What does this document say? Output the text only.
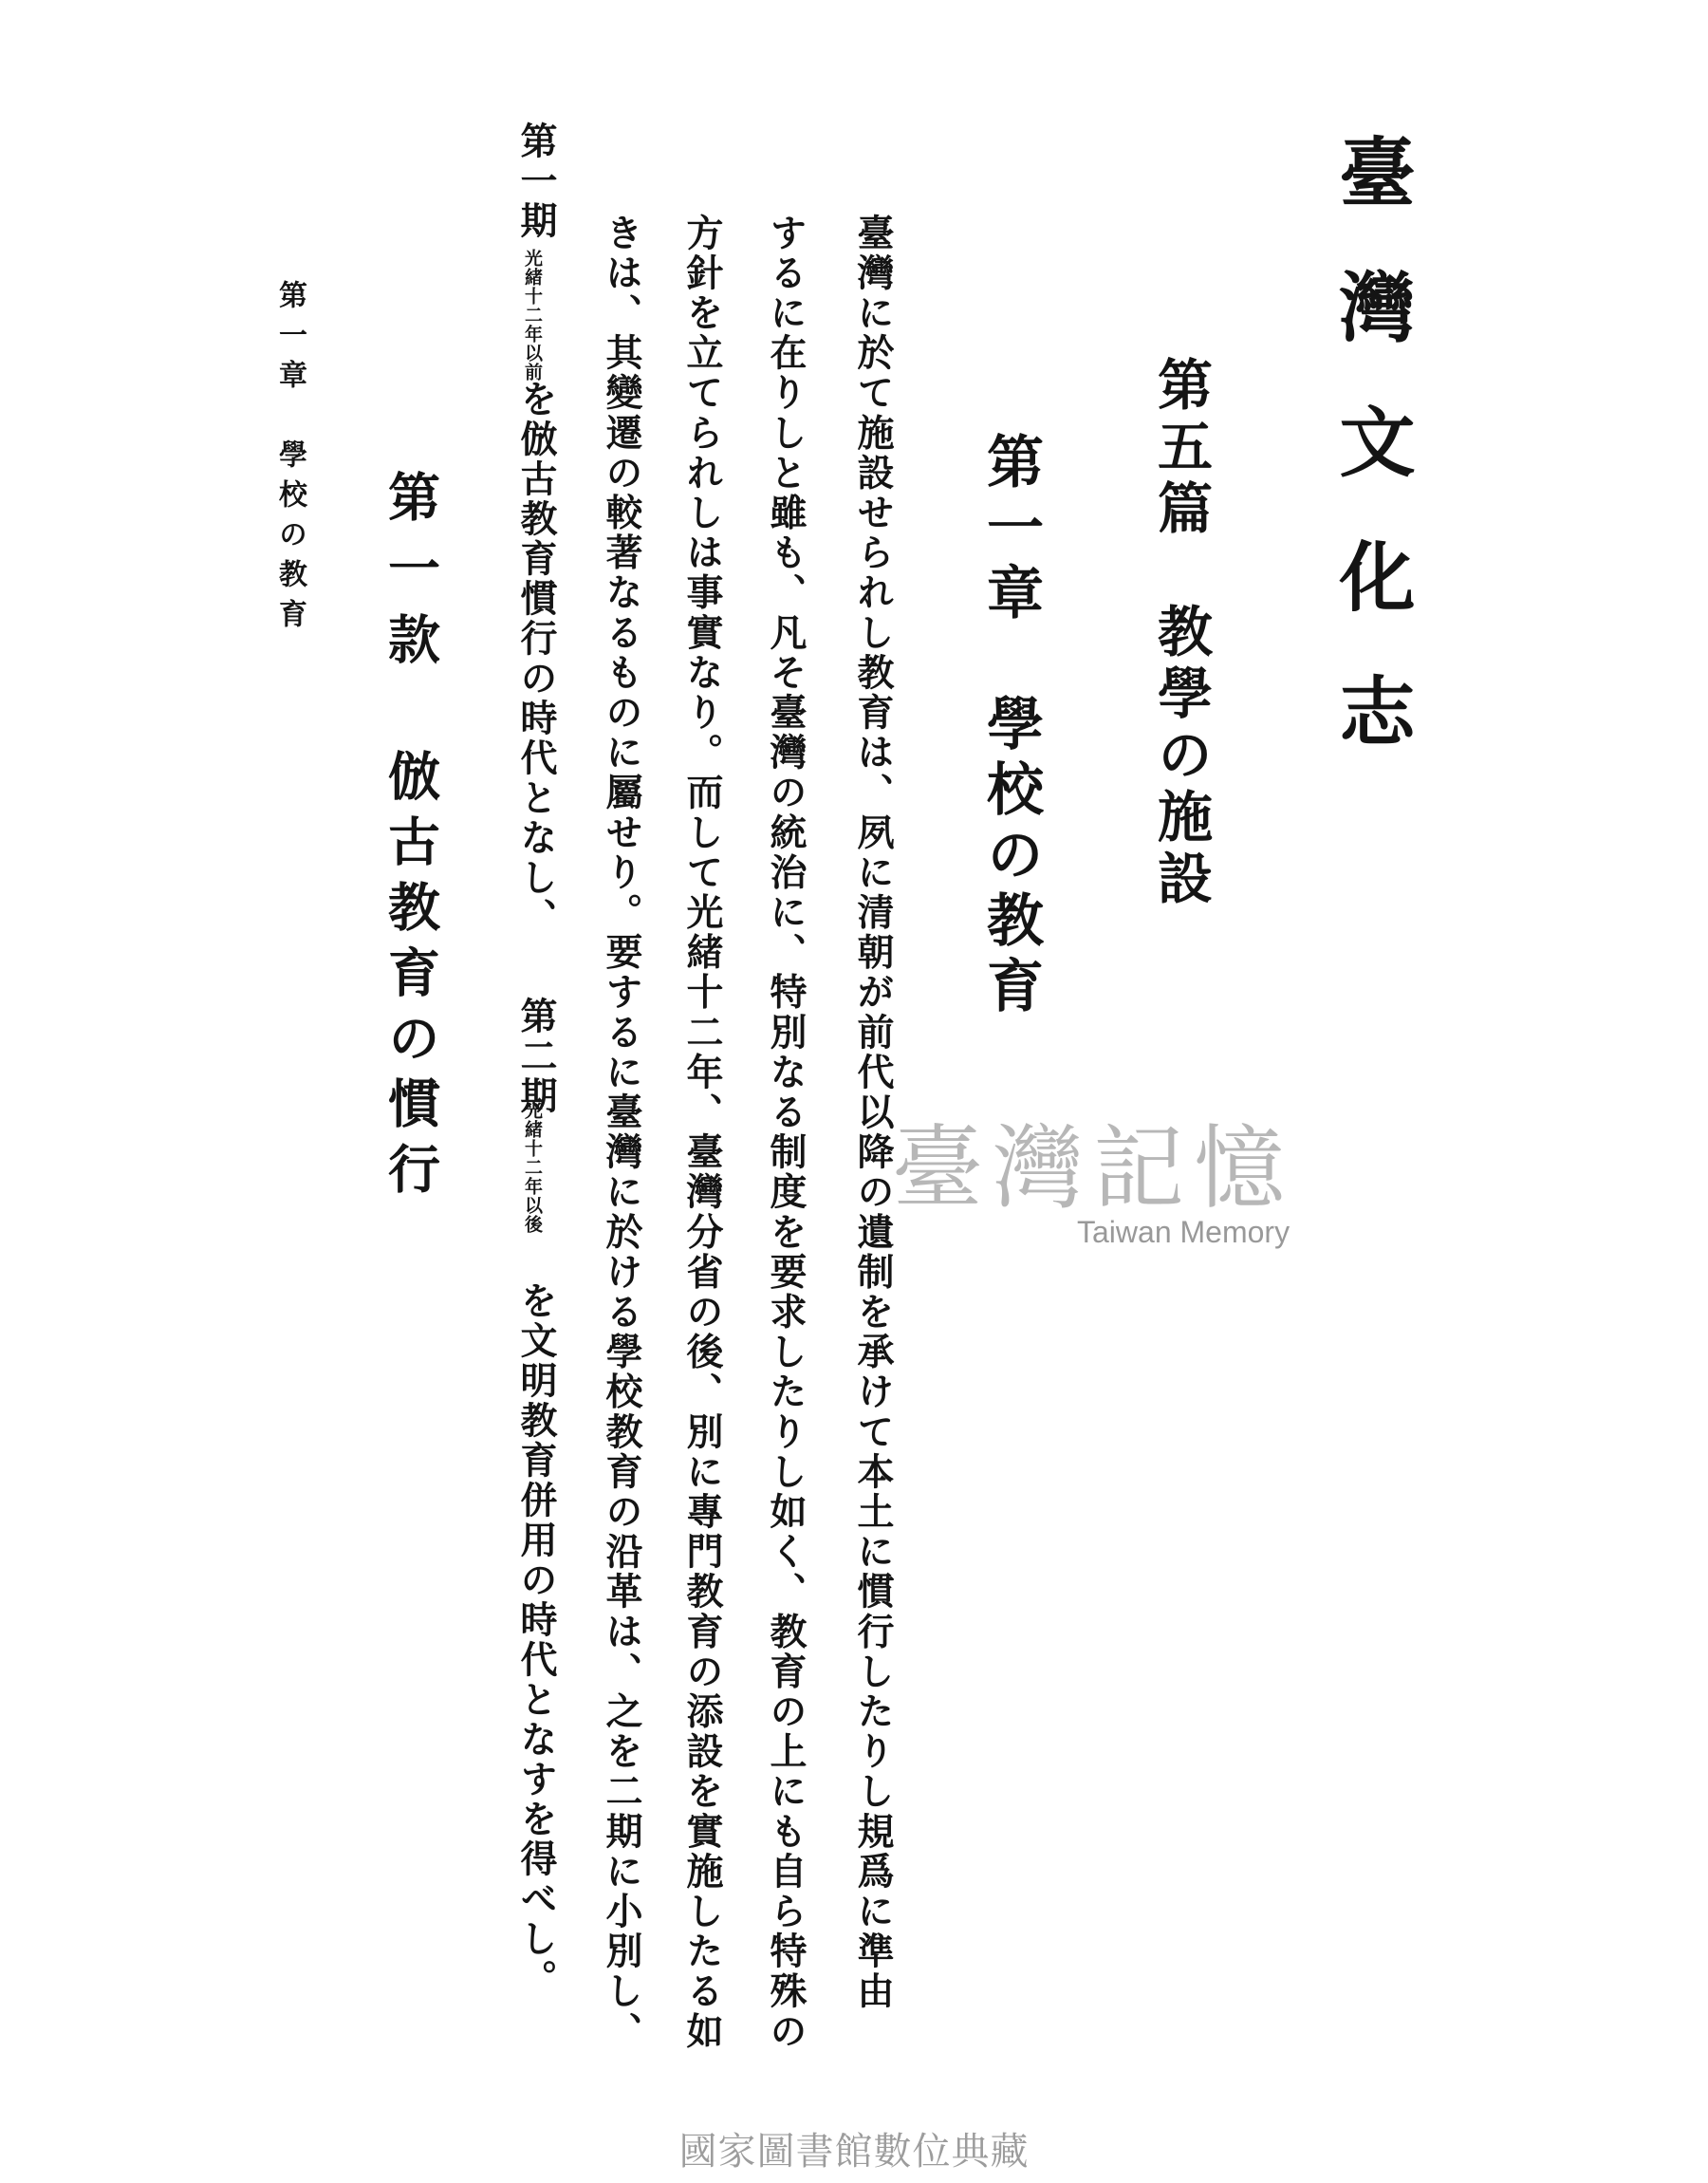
臺灣文化志
第五篇　教學の施設
第一章　學校の教育
臺灣に於て施設せられし教育は、夙に清朝が前代以降の遺制を承けて本土に慣行したりし規爲に準由
するに在りしと雖も、凡そ臺灣の統治に、特別なる制度を要求したりし如く、教育の上にも自ら特殊の
方針を立てられしは事實なり。而して光緒十二年、臺灣分省の後、別に專門教育の添設を實施したる如
きは、其變遷の較著なるものに屬せり。要するに臺灣に於ける學校教育の沿革は、之を二期に小別し、
第一期
光緒十二年以前
を倣古教育慣行の時代となし、
第二期
光緒十二年以後
を文明教育併用の時代となすを得べし。
第一款　倣古教育の慣行
第一章　學校の教育
臺灣記憶
Taiwan Memory
國家圖書館數位典藏
